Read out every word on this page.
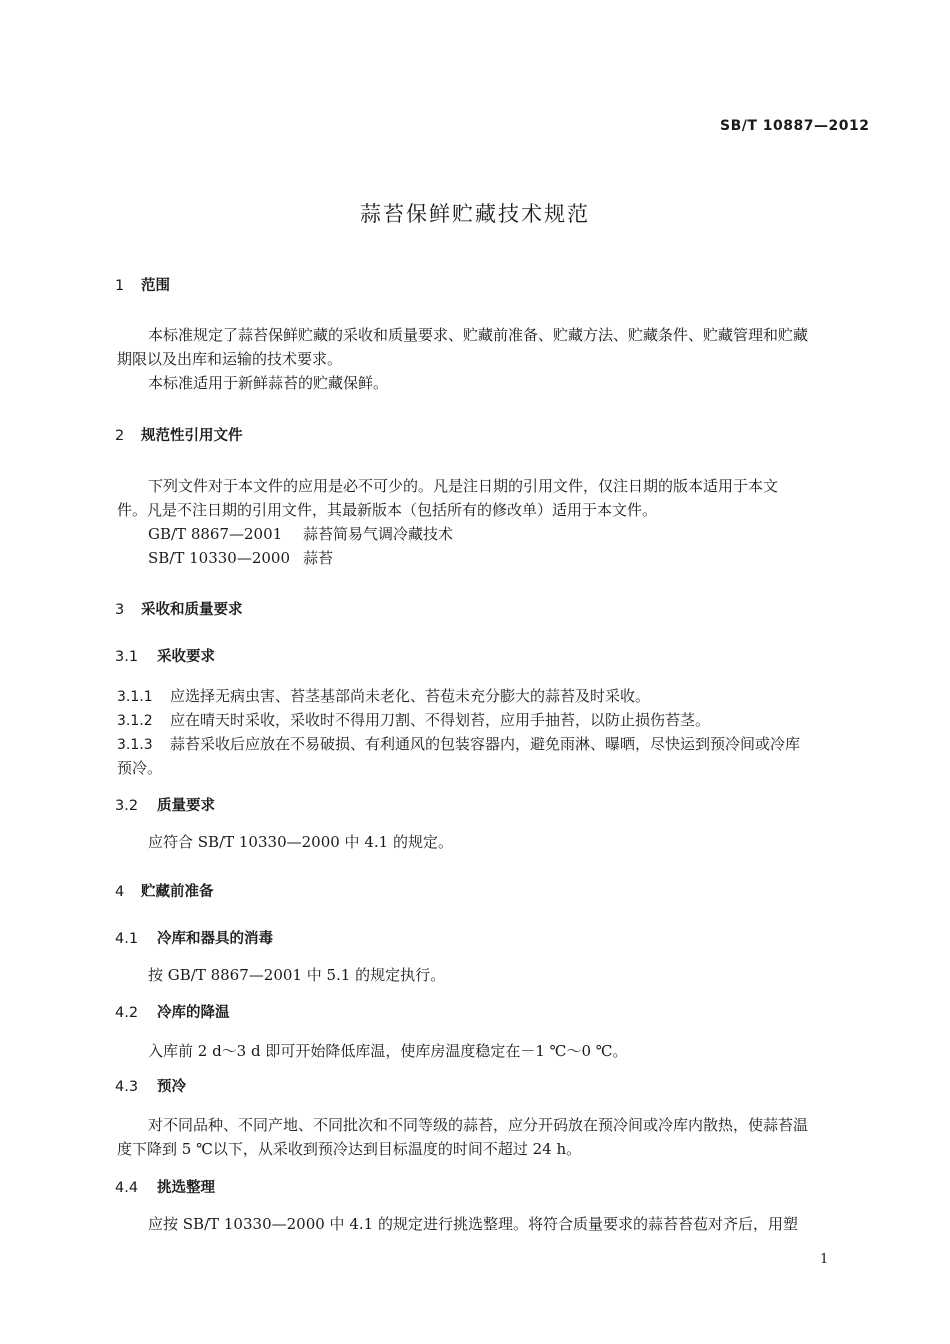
SB/T 10887—2012
蒜苔保鲜贮藏技术规范
1 范围
本标准规定了蒜苔保鲜贮藏的采收和质量要求、贮藏前准备、贮藏方法、贮藏条件、贮藏管理和贮藏
期限以及出库和运输的技术要求。
本标准适用于新鲜蒜苔的贮藏保鲜。
2 规范性引用文件
下列文件对于本文件的应用是必不可少的。凡是注日期的引用文件，仅注日期的版本适用于本文
件。凡是不注日期的引用文件，其最新版本（包括所有的修改单）适用于本文件。
GB/T 8867—2001 蒜苔简易气调冷藏技术
SB/T 10330—2000 蒜苔
3 采收和质量要求
3.1 采收要求
3.1.1 应选择无病虫害、苔茎基部尚未老化、苔苞未充分膨大的蒜苔及时采收。
3.1.2 应在晴天时采收，采收时不得用刀割、不得划苔，应用手抽苔，以防止损伤苔茎。
3.1.3 蒜苔采收后应放在不易破损、有利通风的包装容器内，避免雨淋、曝晒，尽快运到预冷间或冷库
预冷。
3.2 质量要求
应符合 SB/T 10330—2000 中 4.1 的规定。
4 贮藏前准备
4.1 冷库和器具的消毒
按 GB/T 8867—2001 中 5.1 的规定执行。
4.2 冷库的降温
入库前 2 d～3 d 即可开始降低库温，使库房温度稳定在－1 ℃～0 ℃。
4.3 预冷
对不同品种、不同产地、不同批次和不同等级的蒜苔，应分开码放在预冷间或冷库内散热，使蒜苔温
度下降到 5 ℃以下，从采收到预冷达到目标温度的时间不超过 24 h。
4.4 挑选整理
应按 SB/T 10330—2000 中 4.1 的规定进行挑选整理。将符合质量要求的蒜苔苔苞对齐后，用塑
1
